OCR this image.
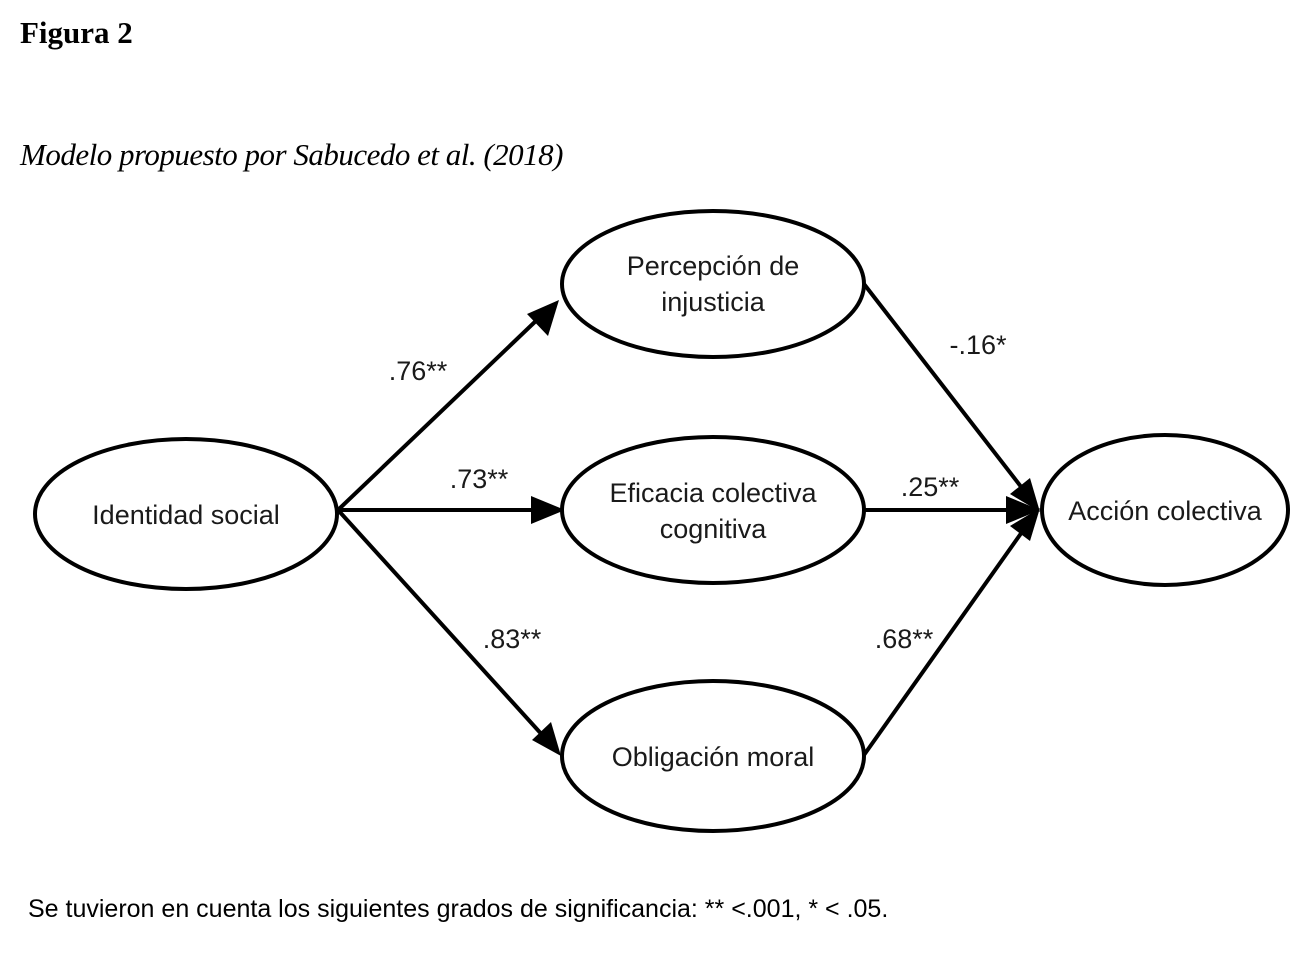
Figura 2
Modelo propuesto por Sabucedo et al. (2018)
Identidad social
Percepción de
injusticia
Eficacia colectiva
cognitiva
Obligación moral
Acción colectiva
.76**
.73**
.83**
-.16*
.25**
.68**
Se tuvieron en cuenta los siguientes grados de significancia: ** <.001, * < .05.
